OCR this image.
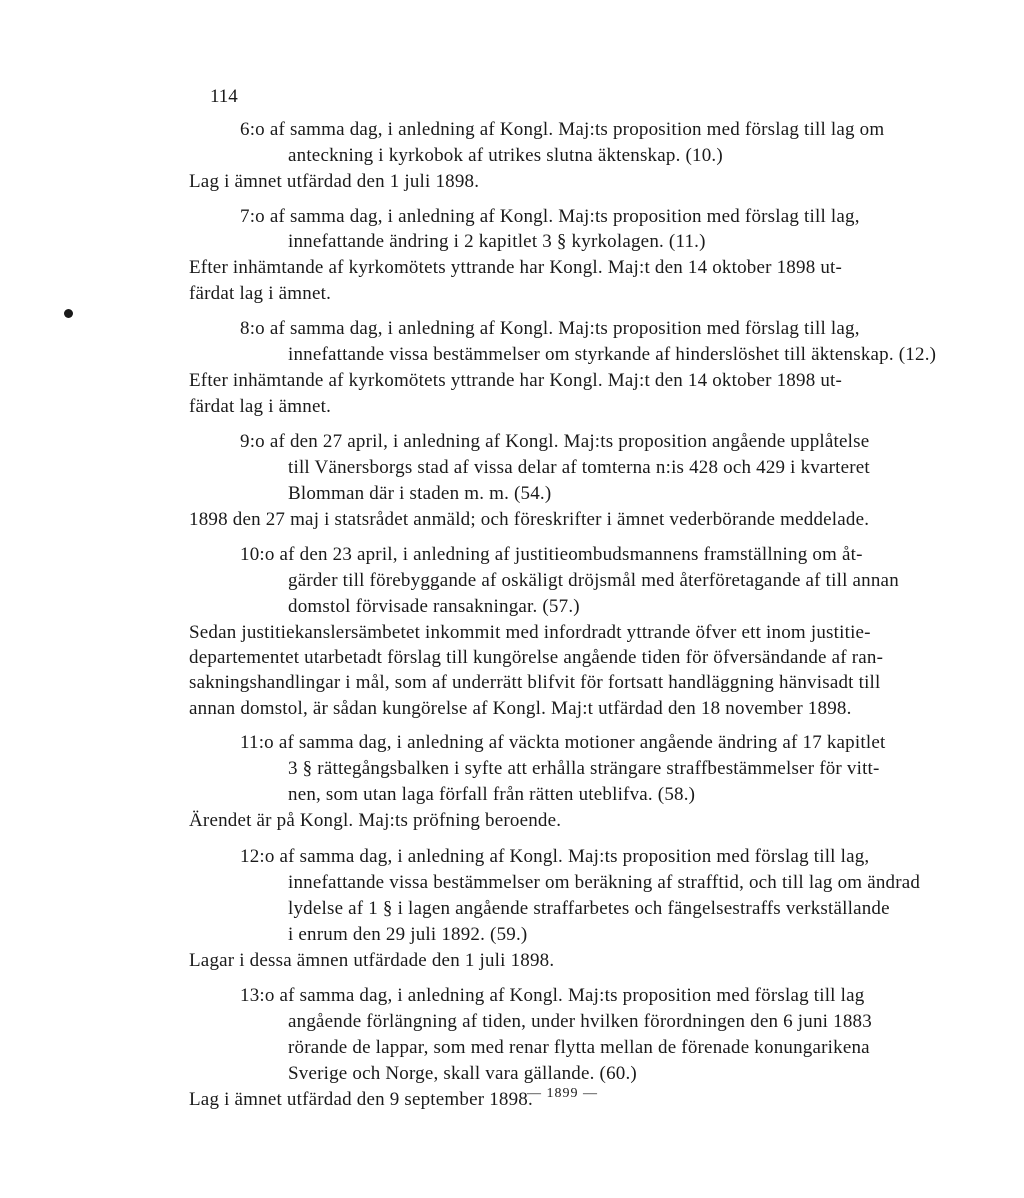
114
6:o af samma dag, i anledning af Kongl. Maj:ts proposition med förslag till lag om
anteckning i kyrkobok af utrikes slutna äktenskap. (10.)
Lag i ämnet utfärdad den 1 juli 1898.
7:o af samma dag, i anledning af Kongl. Maj:ts proposition med förslag till lag,
innefattande ändring i 2 kapitlet 3 § kyrkolagen. (11.)
Efter inhämtande af kyrkomötets yttrande har Kongl. Maj:t den 14 oktober 1898 ut-
färdat lag i ämnet.
8:o af samma dag, i anledning af Kongl. Maj:ts proposition med förslag till lag,
innefattande vissa bestämmelser om styrkande af hinderslöshet till äktenskap. (12.)
Efter inhämtande af kyrkomötets yttrande har Kongl. Maj:t den 14 oktober 1898 ut-
färdat lag i ämnet.
9:o af den 27 april, i anledning af Kongl. Maj:ts proposition angående upplåtelse
till Vänersborgs stad af vissa delar af tomterna n:is 428 och 429 i kvarteret
Blomman där i staden m. m. (54.)
1898 den 27 maj i statsrådet anmäld; och föreskrifter i ämnet vederbörande meddelade.
10:o af den 23 april, i anledning af justitieombudsmannens framställning om åt-
gärder till förebyggande af oskäligt dröjsmål med återföretagande af till annan
domstol förvisade ransakningar. (57.)
Sedan justitiekanslersämbetet inkommit med infordradt yttrande öfver ett inom justitie-
departementet utarbetadt förslag till kungörelse angående tiden för öfversändande af ran-
sakningshandlingar i mål, som af underrätt blifvit för fortsatt handläggning hänvisadt till
annan domstol, är sådan kungörelse af Kongl. Maj:t utfärdad den 18 november 1898.
11:o af samma dag, i anledning af väckta motioner angående ändring af 17 kapitlet
3 § rättegångsbalken i syfte att erhålla strängare straffbestämmelser för vitt-
nen, som utan laga förfall från rätten uteblifva. (58.)
Ärendet är på Kongl. Maj:ts pröfning beroende.
12:o af samma dag, i anledning af Kongl. Maj:ts proposition med förslag till lag,
innefattande vissa bestämmelser om beräkning af strafftid, och till lag om ändrad
lydelse af 1 § i lagen angående straffarbetes och fängelsestraffs verkställande
i enrum den 29 juli 1892. (59.)
Lagar i dessa ämnen utfärdade den 1 juli 1898.
13:o af samma dag, i anledning af Kongl. Maj:ts proposition med förslag till lag
angående förlängning af tiden, under hvilken förordningen den 6 juni 1883
rörande de lappar, som med renar flytta mellan de förenade konungarikena
Sverige och Norge, skall vara gällande. (60.)
Lag i ämnet utfärdad den 9 september 1898.
— 1899 —
